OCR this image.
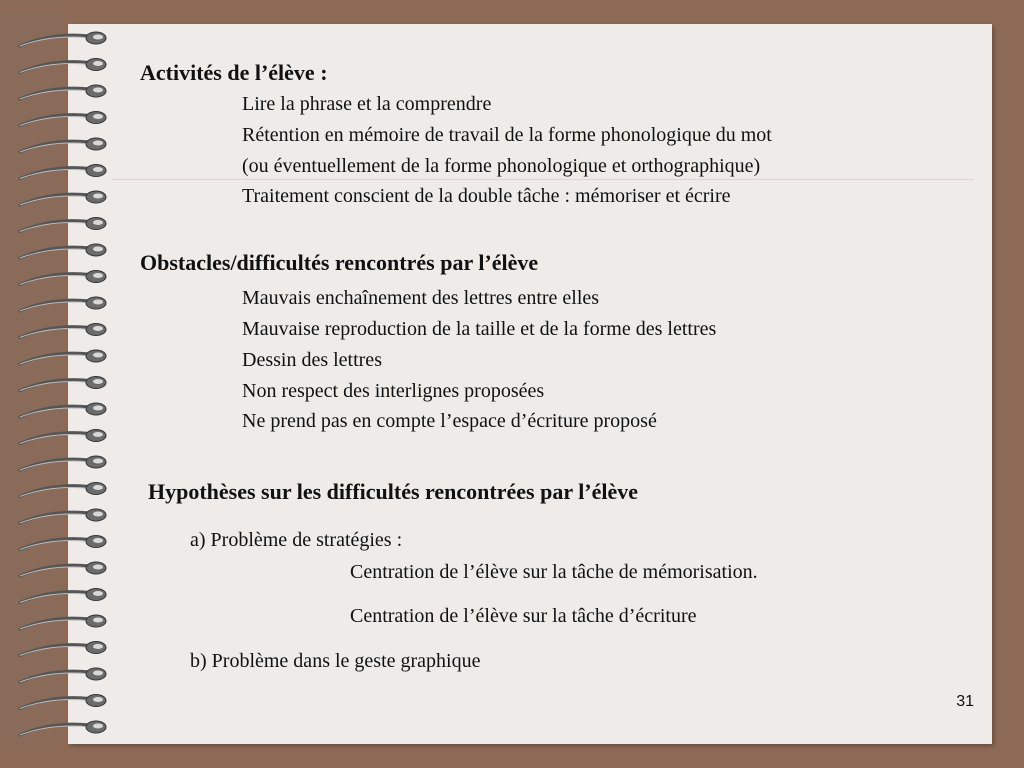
Activités de l’élève :
Lire la phrase et la comprendre
Rétention en mémoire de travail de la forme phonologique du mot
(ou éventuellement de la forme phonologique et orthographique)
Traitement conscient de la double tâche : mémoriser et écrire
Obstacles/difficultés rencontrés par l’élève
Mauvais enchaînement des lettres entre elles
Mauvaise reproduction de la taille et de la forme des lettres
Dessin des lettres
Non respect des interlignes proposées
Ne prend pas en compte l’espace d’écriture proposé
Hypothèses sur les difficultés rencontrées par l’élève
a) Problème de stratégies :
Centration de l’élève sur la tâche de mémorisation.
Centration de l’élève sur la tâche d’écriture
b) Problème dans le geste graphique
31
